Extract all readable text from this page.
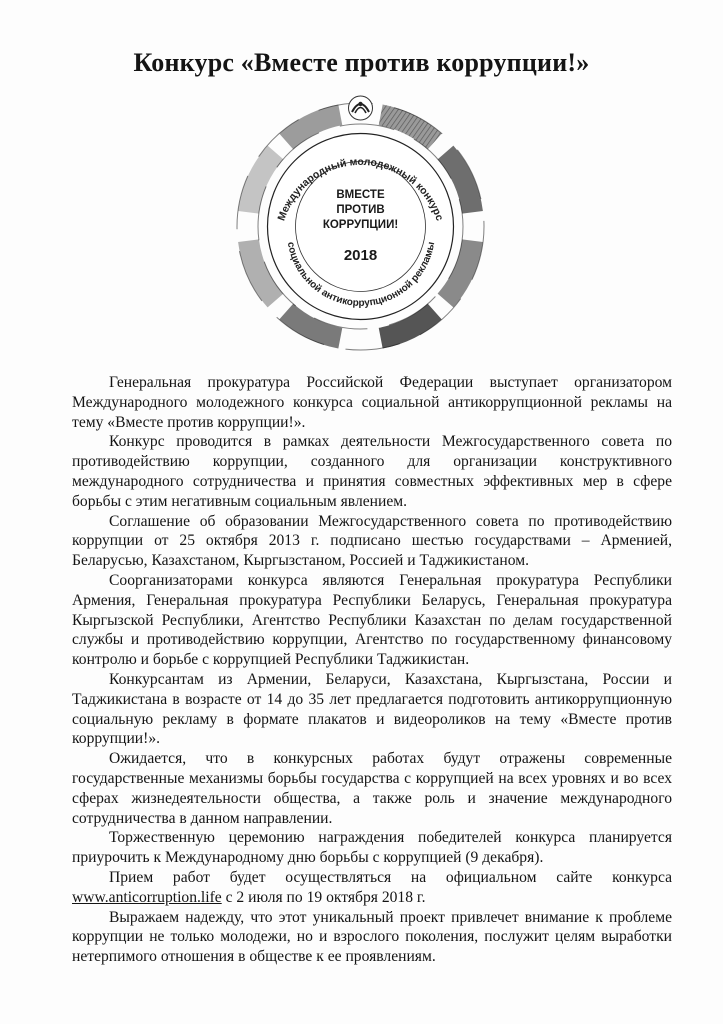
Конкурс «Вместе против коррупции!»
Международный молодежный конкурс
социальной антикоррупционной рекламы
ВМЕСТЕ
ПРОТИВ
КОРРУПЦИИ!
2018

Генеральная прокуратура Российской Федерации выступает организатором Международного молодежного конкурса социальной антикоррупционной рекламы на тему «Вместе против коррупции!».

Конкурс проводится в рамках деятельности Межгосударственного совета по противодействию коррупции, созданного для организации конструктивного международного сотрудничества и принятия совместных эффективных мер в сфере борьбы с этим негативным социальным явлением.

Соглашение об образовании Межгосударственного совета по противодействию коррупции от 25 октября 2013 г. подписано шестью государствами – Арменией, Беларусью, Казахстаном, Кыргызстаном, Россией и Таджикистаном.

Соорганизаторами конкурса являются Генеральная прокуратура Республики Армения, Генеральная прокуратура Республики Беларусь, Генеральная прокуратура Кыргызской Республики, Агентство Республики Казахстан по делам государственной службы и противодействию коррупции, Агентство по государственному финансовому контролю и борьбе с коррупцией Республики Таджикистан.

Конкурсантам из Армении, Беларуси, Казахстана, Кыргызстана, России и Таджикистана в возрасте от 14 до 35 лет предлагается подготовить антикоррупционную социальную рекламу в формате плакатов и видеороликов на тему «Вместе против коррупции!».

Ожидается, что в конкурсных работах будут отражены современные государственные механизмы борьбы государства с коррупцией на всех уровнях и во всех сферах жизнедеятельности общества, а также роль и значение международного сотрудничества в данном направлении.

Торжественную церемонию награждения победителей конкурса планируется приурочить к Международному дню борьбы с коррупцией (9 декабря).

Прием работ будет осуществляться на официальном сайте конкурса www.anticorruption.life с 2 июля по 19 октября 2018 г.

Выражаем надежду, что этот уникальный проект привлечет внимание к проблеме коррупции не только молодежи, но и взрослого поколения, послужит целям выработки нетерпимого отношения в обществе к ее проявлениям.
